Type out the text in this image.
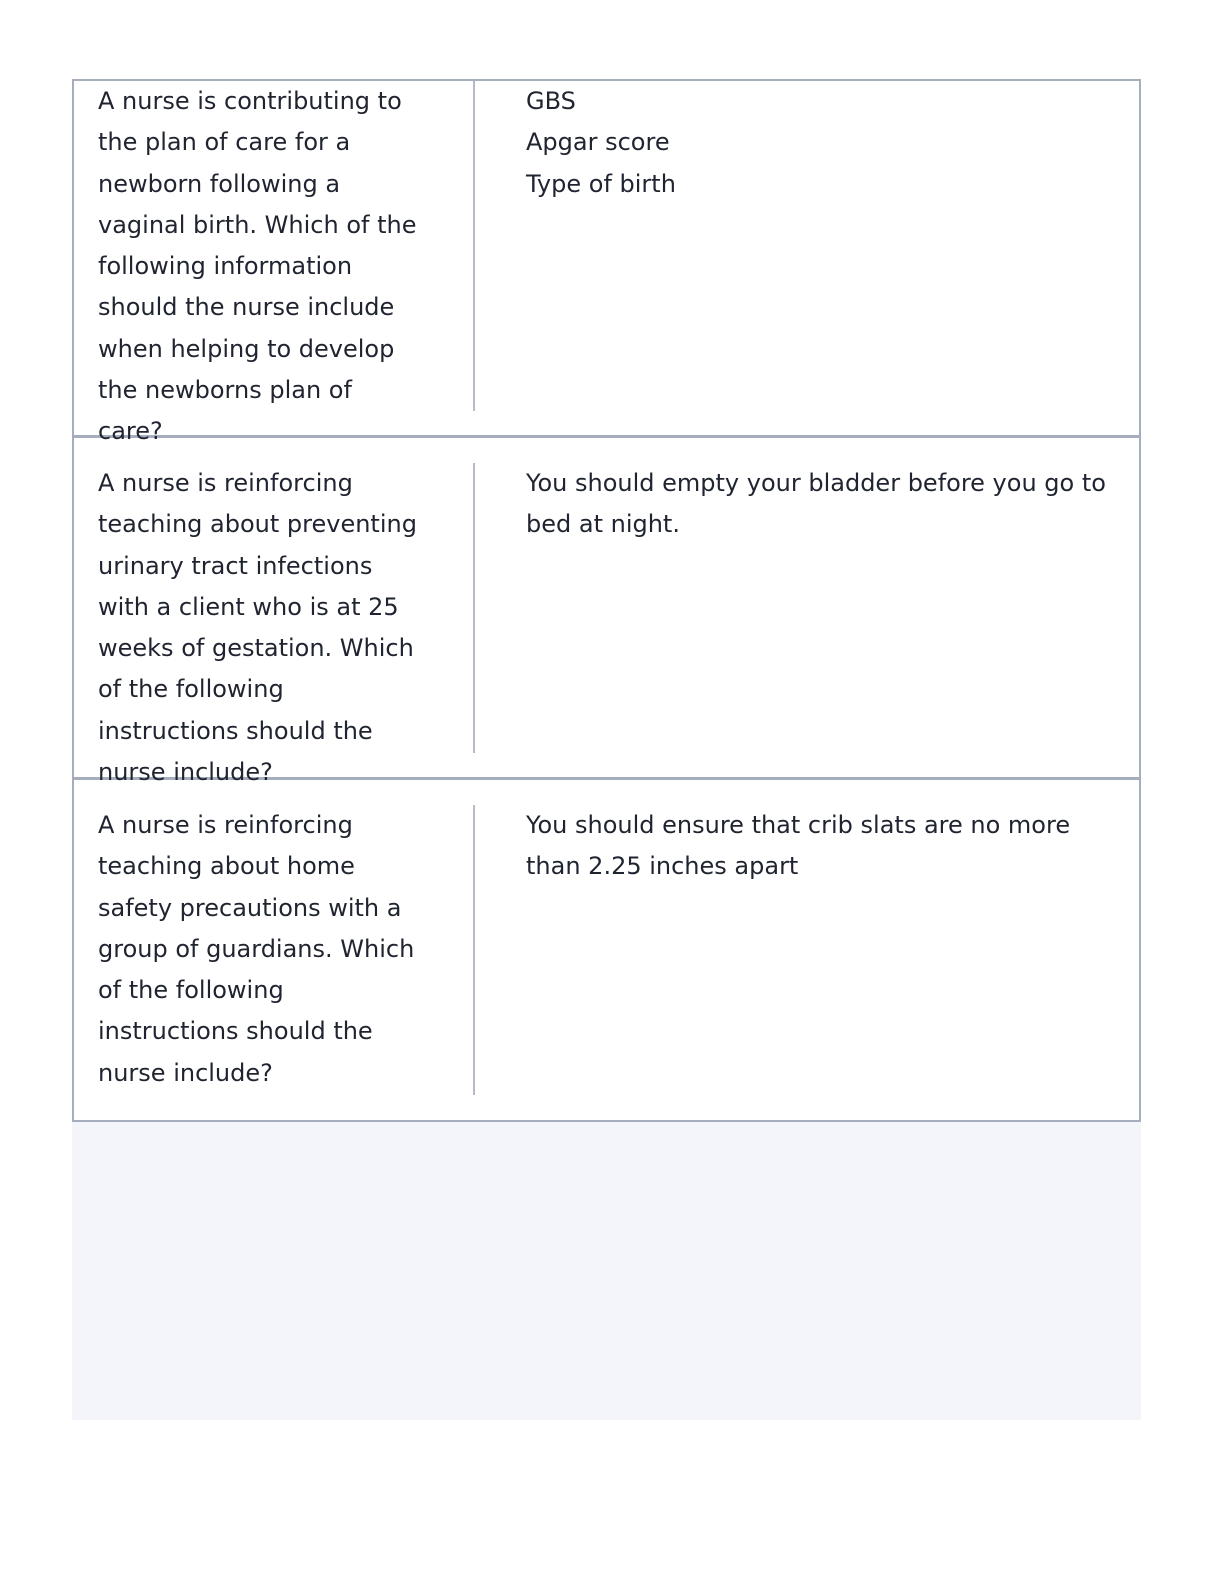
A nurse is contributing to the plan of care for a newborn following a vaginal birth. Which of the following information should the nurse include when helping to develop the newborns plan of care?
GBS
Apgar score
Type of birth
A nurse is reinforcing teaching about preventing urinary tract infections with a client who is at 25 weeks of gestation. Which of the following instructions should the nurse include?
You should empty your bladder before you go to bed at night.
A nurse is reinforcing teaching about home safety precautions with a group of guardians. Which of the following instructions should the nurse include?
You should ensure that crib slats are no more than 2.25 inches apart
